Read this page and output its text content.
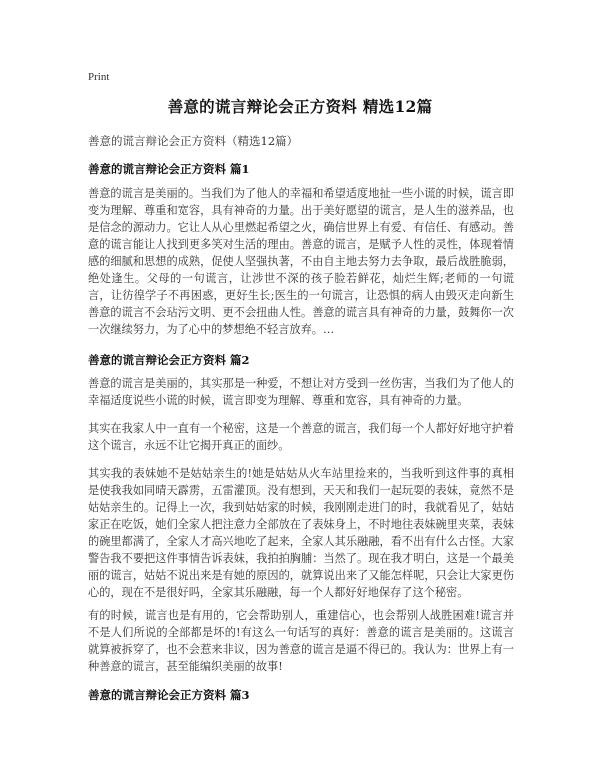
Print
善意的谎言辩论会正方资料 精选12篇
善意的谎言辩论会正方资料（精选12篇）
善意的谎言辩论会正方资料 篇1
善意的谎言是美丽的。当我们为了他人的幸福和希望适度地扯一些小谎的时候，谎言即变为理解、尊重和宽容，具有神奇的力量。出于美好愿望的谎言，是人生的滋养品，也是信念的源动力。它让人从心里燃起希望之火，确信世界上有爱、有信任、有感动。善意的谎言能让人找到更多笑对生活的理由。善意的谎言，是赋予人性的灵性，体现着情感的细腻和思想的成熟，促使人坚强执著，不由自主地去努力去争取，最后战胜脆弱，绝处逢生。父母的一句谎言，让涉世不深的孩子脸若鲜花，灿烂生辉;老师的一句谎言，让彷徨学子不再困惑，更好生长;医生的一句谎言，让恐惧的病人由毁灭走向新生 善意的谎言不会玷污文明、更不会扭曲人性。善意的谎言具有神奇的力量，鼓舞你一次一次继续努力，为了心中的梦想绝不轻言放弃。…
善意的谎言辩论会正方资料 篇2
善意的谎言是美丽的，其实那是一种爱，不想让对方受到一丝伤害，当我们为了他人的幸福适度说些小谎的时候，谎言即变为理解、尊重和宽容，具有神奇的力量。
其实在我家人中一直有一个秘密，这是一个善意的谎言，我们每一个人都好好地守护着这个谎言，永远不让它揭开真正的面纱。
其实我的表妹她不是姑姑亲生的!她是姑姑从火车站里捡来的，当我听到这件事的真相是使我我如同晴天霹雳，五雷灌顶。没有想到，天天和我们一起玩耍的表妹，竟然不是姑姑亲生的。记得上一次，我到姑姑家的时候，我刚刚走进门的时，我就看见了，姑姑家正在吃饭，她们全家人把注意力全部放在了表妹身上，不时地往表妹碗里夹菜，表妹的碗里都满了，全家人才高兴地吃了起来，全家人其乐融融，看不出有什么古怪。大家警告我不要把这件事情告诉表妹，我拍拍胸脯：当然了。现在我才明白，这是一个最美丽的谎言，姑姑不说出来是有她的原因的，就算说出来了又能怎样呢，只会让大家更伤心的，现在不是很好吗，全家其乐融融，每一个人都好好地保存了这个秘密。
有的时候，谎言也是有用的，它会帮助别人，重建信心，也会帮别人战胜困难!谎言并不是人们所说的全部都是坏的!有这么一句话写的真好：善意的谎言是美丽的。这谎言就算被拆穿了，也不会惹来非议，因为善意的谎言是逼不得已的。我认为：世界上有一种善意的谎言，甚至能编织美丽的故事!
善意的谎言辩论会正方资料 篇3
